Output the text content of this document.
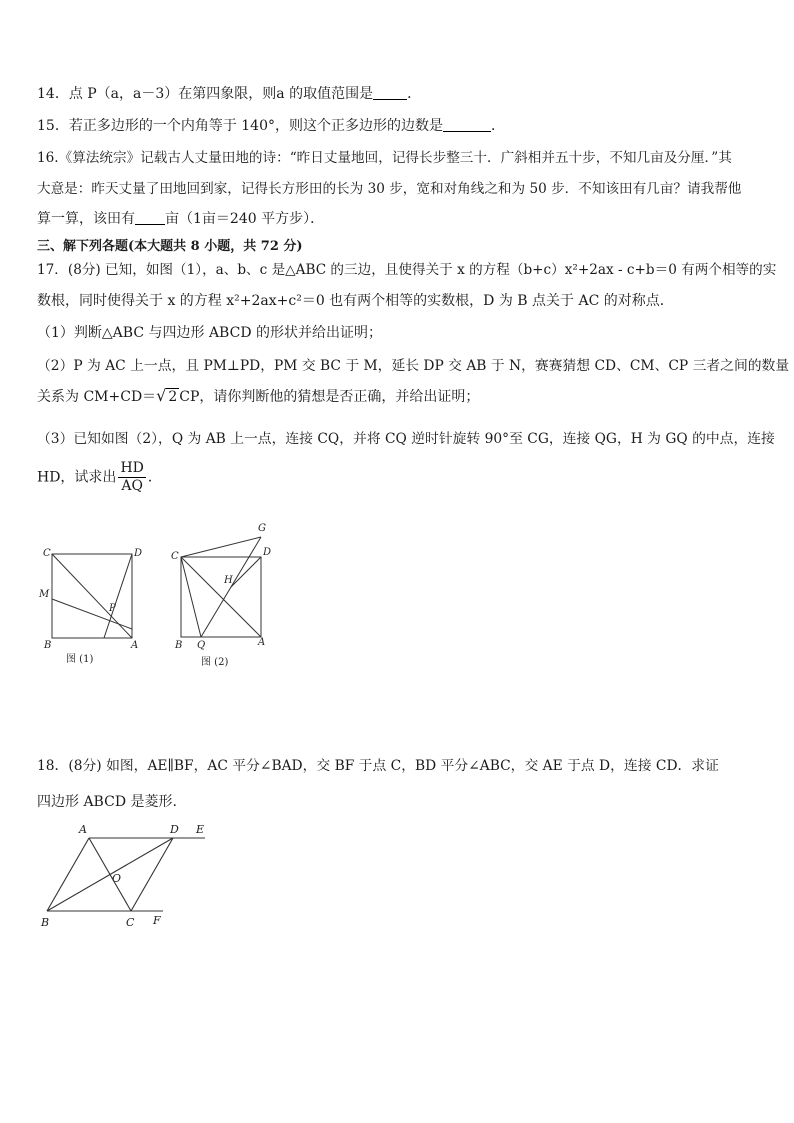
14．点 P（a，a－3）在第四象限，则a 的取值范围是 ．
15．若正多边形的一个内角等于 140°，则这个正多边形的边数是	．
16.《算法统宗》记载古人丈量田地的诗：“昨日丈量地回，记得长步整三十．广斜相并五十步，不知几亩及分厘．”其
大意是：昨天丈量了田地回到家，记得长方形田的长为 30 步，宽和对角线之和为 50 步．不知该田有几亩？请我帮他
算一算，该田有 亩（1亩＝240 平方步）．
三、解下列各题(本大题共 8 小题，共 72 分)
17．(8分) 已知，如图（1），a、b、c 是△ABC 的三边，且使得关于 x 的方程（b+c）x²+2ax - c+b＝0 有两个相等的实
数根，同时使得关于 x 的方程 x²+2ax+c²＝0 也有两个相等的实数根，D 为 B 点关于 AC 的对称点．
（1）判断△ABC 与四边形 ABCD 的形状并给出证明；
（2）P 为 AC 上一点，且 PM⊥PD，PM 交 BC 于 M，延长 DP 交 AB 于 N，赛赛猜想 CD、CM、CP 三者之间的数量
关系为 CM+CD＝√ 2 CP，请你判断他的猜想是否正确，并给出证明；
（3）已知如图（2），Q 为 AB 上一点，连接 CQ，并将 CQ 逆时针旋转 90°至 CG，连接 QG，H 为 GQ 的中点，连接
HD，试求出 $\frac{HD}{AQ}$ ．
C	D
M
P
B	A
图 (1)
G
C	D
H
B Q	A
图 (2)
18．(8分) 如图，AE∥BF，AC 平分∠BAD，交 BF 于点 C，BD 平分∠ABC，交 AE 于点 D，连接 CD．求证
四边形 ABCD 是菱形.
A	D E
O
B	C F
